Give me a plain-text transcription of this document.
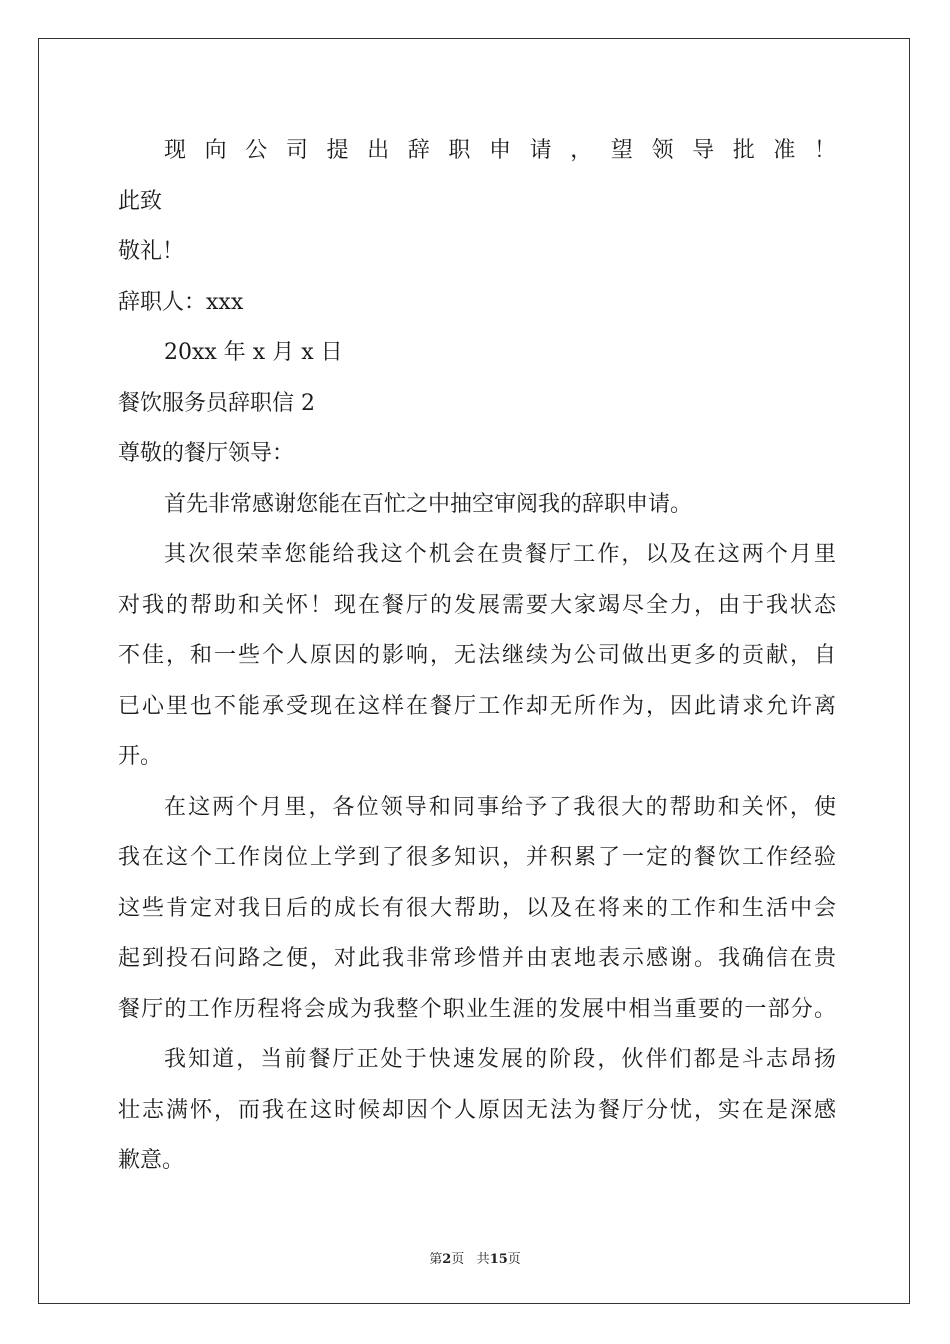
现向公司提出辞职申请，望领导批准！
此致
敬礼！
辞职人：xxx
20xx 年 x 月 x 日
餐饮服务员辞职信 2
尊敬的餐厅领导：
首先非常感谢您能在百忙之中抽空审阅我的辞职申请。
其次很荣幸您能给我这个机会在贵餐厅工作，以及在这两个月里
对我的帮助和关怀！现在餐厅的发展需要大家竭尽全力，由于我状态
不佳，和一些个人原因的影响，无法继续为公司做出更多的贡献，自
已心里也不能承受现在这样在餐厅工作却无所作为，因此请求允许离
开。
在这两个月里，各位领导和同事给予了我很大的帮助和关怀，使
我在这个工作岗位上学到了很多知识，并积累了一定的餐饮工作经验
这些肯定对我日后的成长有很大帮助，以及在将来的工作和生活中会
起到投石问路之便，对此我非常珍惜并由衷地表示感谢。我确信在贵
餐厅的工作历程将会成为我整个职业生涯的发展中相当重要的一部分。
我知道，当前餐厅正处于快速发展的阶段，伙伴们都是斗志昂扬
壮志满怀，而我在这时候却因个人原因无法为餐厅分忧，实在是深感
歉意。
第2页 共15页
